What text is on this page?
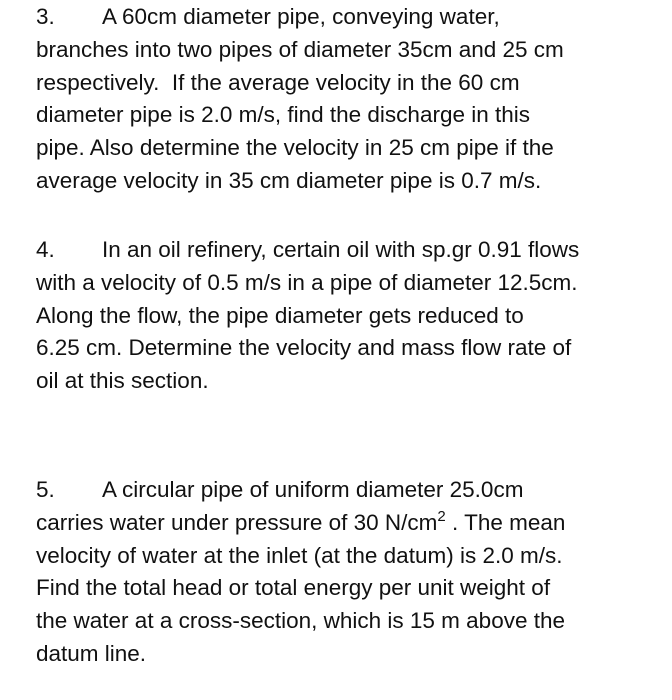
3. A 60cm diameter pipe, conveying water,
branches into two pipes of diameter 35cm and 25 cm
respectively.  If the average velocity in the 60 cm
diameter pipe is 2.0 m/s, find the discharge in this
pipe. Also determine the velocity in 25 cm pipe if the
average velocity in 35 cm diameter pipe is 0.7 m/s.
4. In an oil refinery, certain oil with sp.gr 0.91 flows
with a velocity of 0.5 m/s in a pipe of diameter 12.5cm.
Along the flow, the pipe diameter gets reduced to
6.25 cm. Determine the velocity and mass flow rate of
oil at this section.
5. A circular pipe of uniform diameter 25.0cm
carries water under pressure of 30 $N/cm^2$ . The mean
velocity of water at the inlet (at the datum) is 2.0 m/s.
Find the total head or total energy per unit weight of
the water at a cross-section, which is 15 m above the
datum line.
